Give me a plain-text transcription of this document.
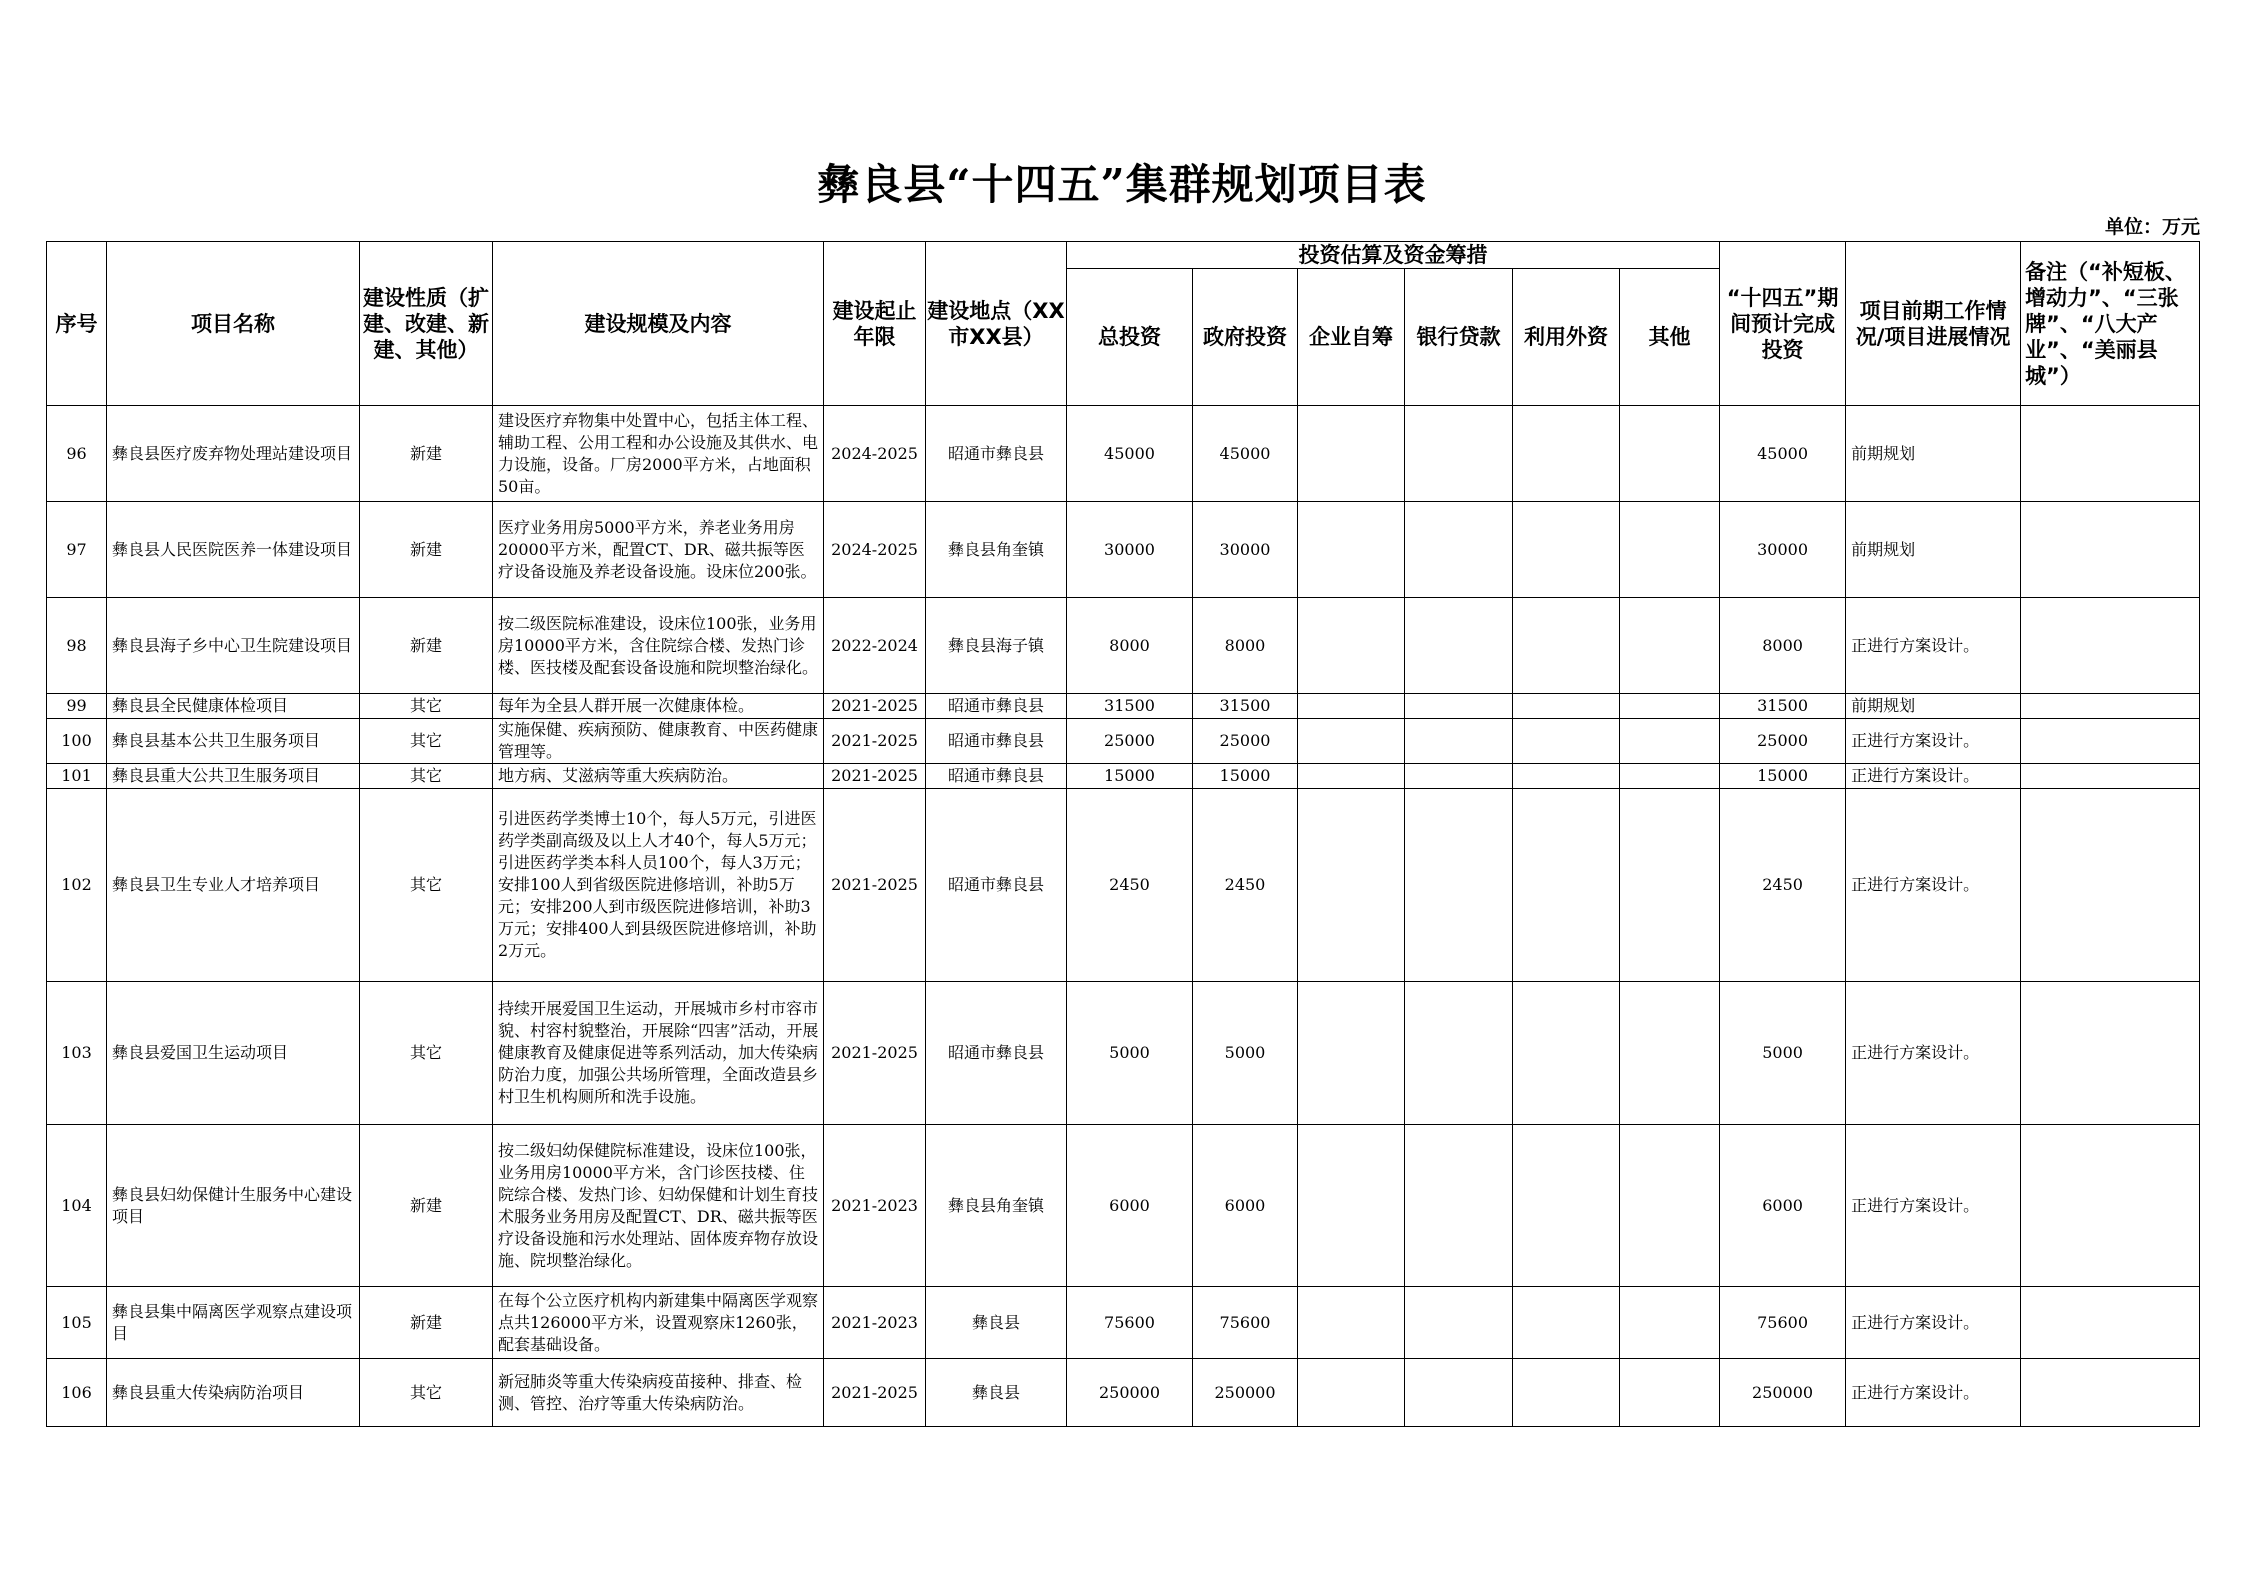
彝良县“十四五”集群规划项目表
单位：万元
序号	项目名称	建设性质（扩建、改建、新建、其他）	建设规模及内容	建设起止年限	建设地点（XX市XX县）	投资估算及资金筹措						“十四五”期间预计完成投资	项目前期工作情况/项目进展情况	备注（“补短板、增动力”、“三张牌”、“八大产业”、“美丽县城”）
						总投资	政府投资	企业自筹	银行贷款	利用外资	其他			
96	彝良县医疗废弃物处理站建设项目	新建	建设医疗弃物集中处置中心，包括主体工程、辅助工程、公用工程和办公设施及其供水、电力设施，设备。厂房2000平方米，占地面积50亩。	2024-2025	昭通市彝良县	45000	45000					45000	前期规划	
97	彝良县人民医院医养一体建设项目	新建	医疗业务用房5000平方米，养老业务用房20000平方米，配置CT、DR、磁共振等医疗设备设施及养老设备设施。设床位200张。	2024-2025	彝良县角奎镇	30000	30000					30000	前期规划	
98	彝良县海子乡中心卫生院建设项目	新建	按二级医院标准建设，设床位100张，业务用房10000平方米，含住院综合楼、发热门诊楼、医技楼及配套设备设施和院坝整治绿化。	2022-2024	彝良县海子镇	8000	8000					8000	正进行方案设计。	
99	彝良县全民健康体检项目	其它	每年为全县人群开展一次健康体检。	2021-2025	昭通市彝良县	31500	31500					31500	前期规划	
100	彝良县基本公共卫生服务项目	其它	实施保健、疾病预防、健康教育、中医药健康管理等。	2021-2025	昭通市彝良县	25000	25000					25000	正进行方案设计。	
101	彝良县重大公共卫生服务项目	其它	地方病、艾滋病等重大疾病防治。	2021-2025	昭通市彝良县	15000	15000					15000	正进行方案设计。	
102	彝良县卫生专业人才培养项目	其它	引进医药学类博士10个，每人5万元，引进医药学类副高级及以上人才40个，每人5万元；引进医药学类本科人员100个，每人3万元；安排100人到省级医院进修培训，补助5万元；安排200人到市级医院进修培训，补助3万元；安排400人到县级医院进修培训，补助2万元。	2021-2025	昭通市彝良县	2450	2450					2450	正进行方案设计。	
103	彝良县爱国卫生运动项目	其它	持续开展爱国卫生运动，开展城市乡村市容市貌、村容村貌整治，开展除“四害”活动，开展健康教育及健康促进等系列活动，加大传染病防治力度，加强公共场所管理，全面改造县乡村卫生机构厕所和洗手设施。	2021-2025	昭通市彝良县	5000	5000					5000	正进行方案设计。	
104	彝良县妇幼保健计生服务中心建设项目	新建	按二级妇幼保健院标准建设，设床位100张，业务用房10000平方米，含门诊医技楼、住院综合楼、发热门诊、妇幼保健和计划生育技术服务业务用房及配置CT、DR、磁共振等医疗设备设施和污水处理站、固体废弃物存放设施、院坝整治绿化。	2021-2023	彝良县角奎镇	6000	6000					6000	正进行方案设计。	
105	彝良县集中隔离医学观察点建设项目	新建	在每个公立医疗机构内新建集中隔离医学观察点共126000平方米，设置观察床1260张，配套基础设备。	2021-2023	彝良县	75600	75600					75600	正进行方案设计。	
106	彝良县重大传染病防治项目	其它	新冠肺炎等重大传染病疫苗接种、排查、检测、管控、治疗等重大传染病防治。	2021-2025	彝良县	250000	250000					250000	正进行方案设计。	
